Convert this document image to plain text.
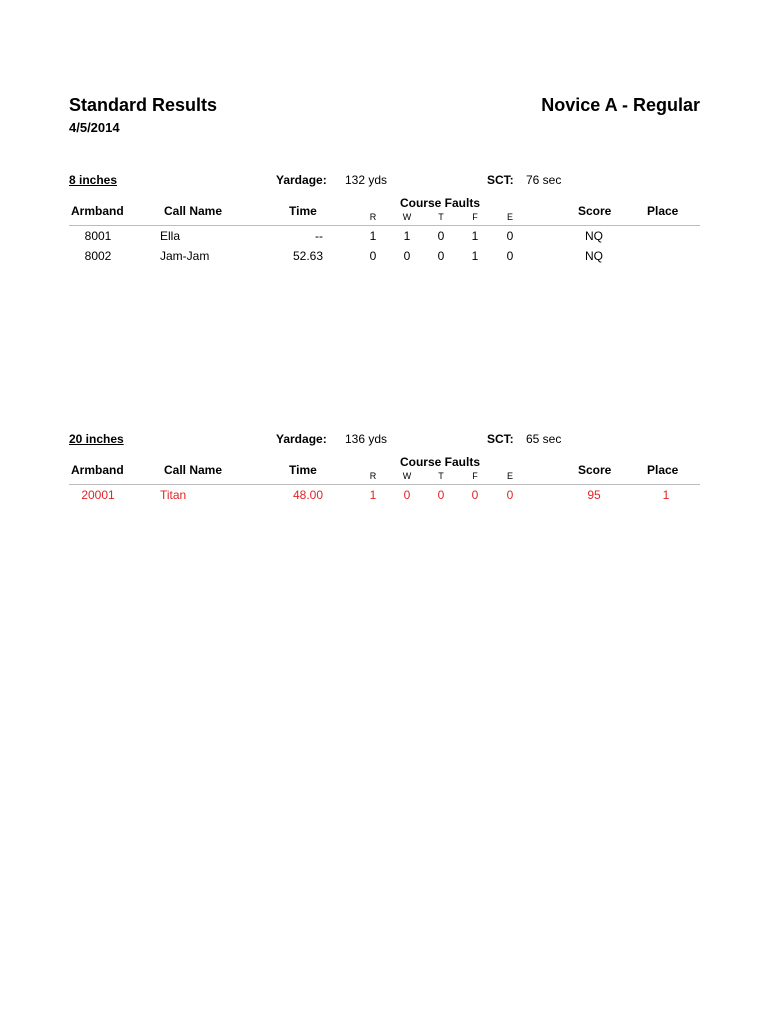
Standard Results	Novice A - Regular
4/5/2014
8 inches	Yardage: 132 yds	SCT: 76 sec
Armband	Call Name	Time
Course Faults
R	W	T	F	E	Score	Place
8001	Ella	--	1	1	0	1	0	NQ
8002	Jam-Jam	52.63	0	0	0	1	0	NQ
20 inches	Yardage: 136 yds	SCT: 65 sec
Armband	Call Name	Time
Course Faults
R	W	T	F	E	Score	Place
20001	Titan	48.00	1	0	0	0	0	95	1
